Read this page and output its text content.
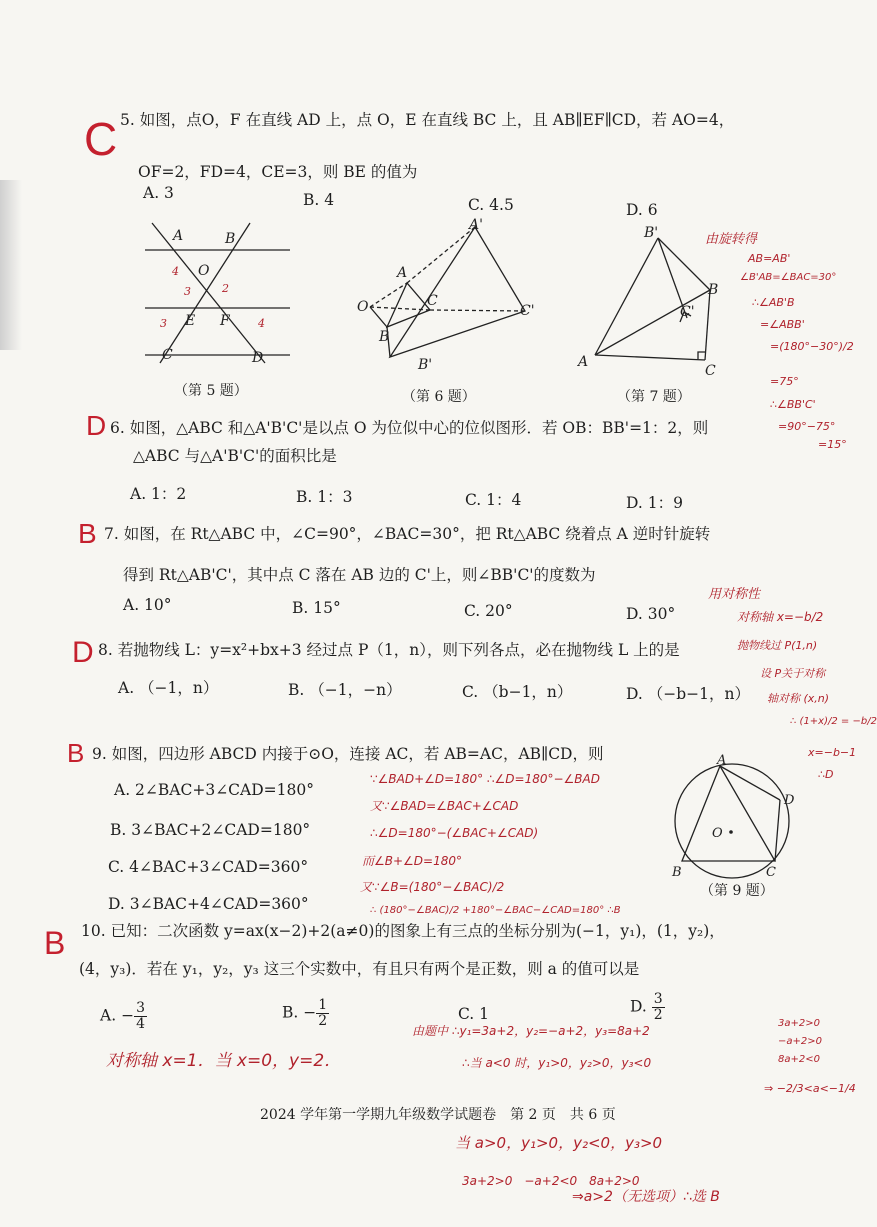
C 5. 如图，点O，F 在直线 AD 上，点 O，E 在直线 BC 上，且 AB∥EF∥CD，若 AO=4，
OF=2，FD=4，CE=3，则 BE 的值为
A. 3	B. 4	C. 4.5	D. 6
A	B
O
E F
C	D
4
2
3
3	4
（第 5 题）
A'
A
O	C
C'
B
B'
（第 6 题）
B'
B
C'
A
C
（第 7 题）
由旋转得
AB=AB'
∠B'AB=∠BAC=30°
∴∠AB'B
=∠ABB'
=(180°−30°)/2
=75°
∴∠BB'C'
=90°−75°
=15°
D 6. 如图，△ABC 和△A'B'C'是以点 O 为位似中心的位似图形．若 OB：BB'=1：2，则
△ABC 与△A'B'C'的面积比是
A. 1：2	B. 1：3	C. 1：4	D. 1：9
B 7. 如图，在 Rt△ABC 中，∠C=90°，∠BAC=30°，把 Rt△ABC 绕着点 A 逆时针旋转
得到 Rt△AB'C'，其中点 C 落在 AB 边的 C'上，则∠BB'C'的度数为
A. 10°	B. 15°	C. 20°	D. 30°
用对称性
对称轴 x=−b/2
抛物线过 P(1,n)
设 P关于对称
轴对称 (x,n)
∴ (1+x)/2 = −b/2
x=−b−1
∴D
D 8. 若抛物线 L：y=x²+bx+3 经过点 P（1，n），则下列各点，必在抛物线 L 上的是
A. （−1，n）	B. （−1，−n）	C. （b−1，n）	D. （−b−1，n）
B 9. 如图，四边形 ABCD 内接于⊙O，连接 AC，若 AB=AC，AB∥CD，则
A. 2∠BAC+3∠CAD=180°
B. 3∠BAC+2∠CAD=180°
C. 4∠BAC+3∠CAD=360°
D. 3∠BAC+4∠CAD=360°
∵∠BAD+∠D=180° ∴∠D=180°−∠BAD
又∵∠BAD=∠BAC+∠CAD
∴∠D=180°−(∠BAC+∠CAD)
而∠B+∠D=180°
又∵∠B=(180°−∠BAC)/2
∴ (180°−∠BAC)/2 +180°−∠BAC−∠CAD=180° ∴B
A
O
D
B	C
（第 9 题）
B 10. 已知：二次函数 y=ax(x−2)+2(a≠0)的图象上有三点的坐标分别为(−1，y₁)，(1，y₂)，
(4，y₃)．若在 y₁，y₂，y₃ 这三个实数中，有且只有两个是正数，则 a 的值可以是
A. − $\frac{3}{4}$	B. − $\frac{1}{2}$	C. 1	D. $\frac{3}{2}$
对称轴 x=1．当 x=0，y=2．
由题中 ∴y₁=3a+2，y₂=−a+2，y₃=8a+2
∴当 a<0 时，y₁>0，y₂>0，y₃<0
3a+2>0
−a+2>0
8a+2<0
⇒ −2/3<a<−1/4
2024 学年第一学期九年级数学试题卷　第 2 页　共 6 页
当 a>0，y₁>0，y₂<0，y₃>0
3a+2>0　−a+2<0　8a+2>0
⇒a>2（无选项）∴选 B
